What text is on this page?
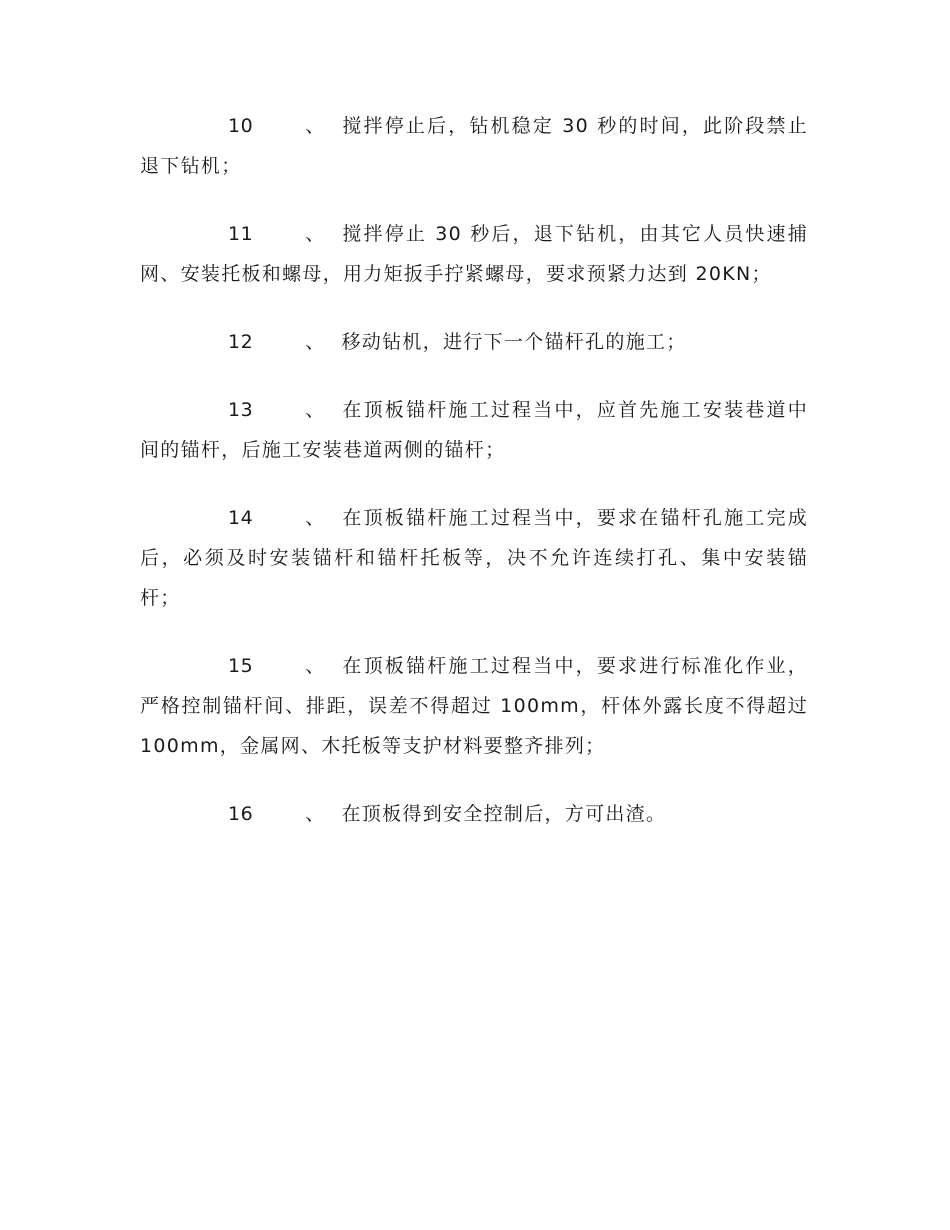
10	、 搅拌停止后，钻机稳定 30 秒的时间，此阶段禁止退下钻机；

11	、 搅拌停止 30 秒后，退下钻机，由其它人员快速捕网、安装托板和螺母，用力矩扳手拧紧螺母，要求预紧力达到 20KN；

12	、 移动钻机，进行下一个锚杆孔的施工；

13	、 在顶板锚杆施工过程当中，应首先施工安装巷道中间的锚杆，后施工安装巷道两侧的锚杆；

14	、 在顶板锚杆施工过程当中，要求在锚杆孔施工完成后，必须及时安装锚杆和锚杆托板等，决不允许连续打孔、集中安装锚杆；

15	、 在顶板锚杆施工过程当中，要求进行标准化作业，严格控制锚杆间、排距，误差不得超过 100mm，杆体外露长度不得超过 100mm，金属网、木托板等支护材料要整齐排列；

16	、 在顶板得到安全控制后，方可出渣。
